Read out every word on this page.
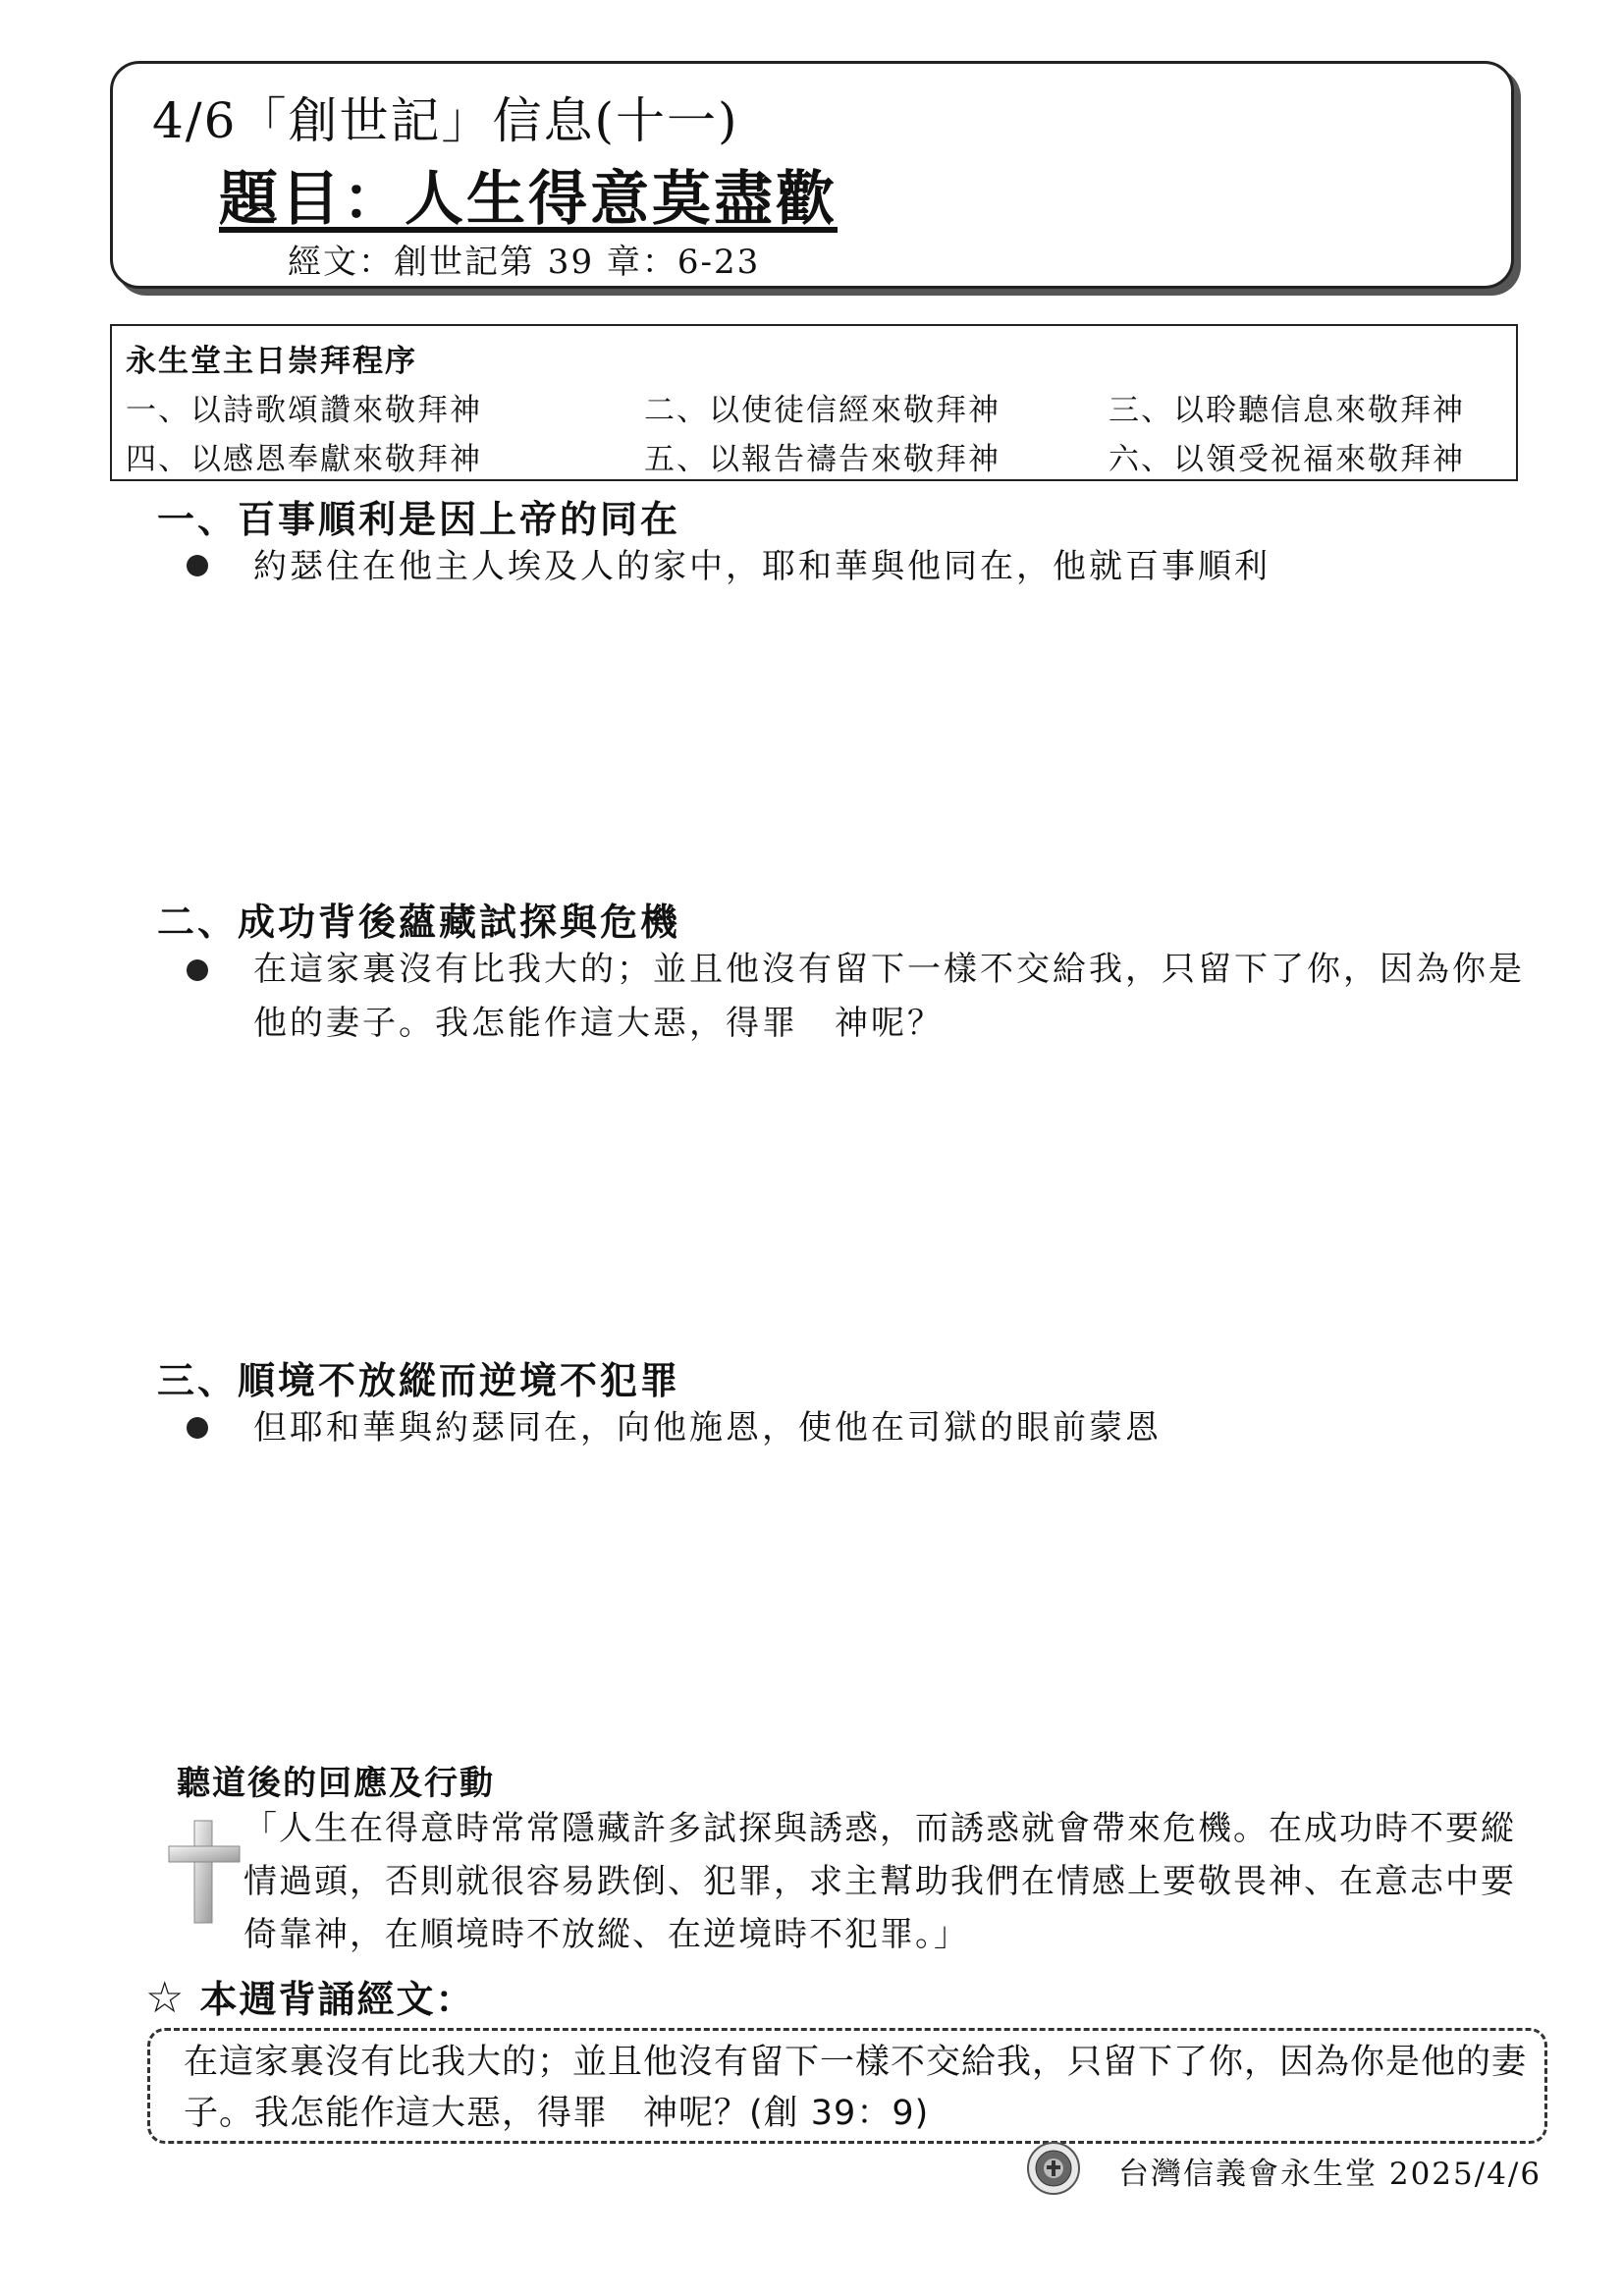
4/6「創世記」信息(十一)
題目：人生得意莫盡歡
經文：創世記第 39 章：6-23
永生堂主日崇拜程序
一、以詩歌頌讚來敬拜神	二、以使徒信經來敬拜神	三、以聆聽信息來敬拜神
四、以感恩奉獻來敬拜神	五、以報告禱告來敬拜神	六、以領受祝福來敬拜神
一、百事順利是因上帝的同在
約瑟住在他主人埃及人的家中，耶和華與他同在，他就百事順利
二、成功背後蘊藏試探與危機
在這家裏沒有比我大的；並且他沒有留下一樣不交給我，只留下了你，因為你是他的妻子。我怎能作這大惡，得罪　神呢？
三、順境不放縱而逆境不犯罪
但耶和華與約瑟同在，向他施恩，使他在司獄的眼前蒙恩
聽道後的回應及行動
「人生在得意時常常隱藏許多試探與誘惑，而誘惑就會帶來危機。在成功時不要縱情過頭，否則就很容易跌倒、犯罪，求主幫助我們在情感上要敬畏神、在意志中要倚靠神，在順境時不放縱、在逆境時不犯罪。」
☆ 本週背誦經文：
在這家裏沒有比我大的；並且他沒有留下一樣不交給我，只留下了你，因為你是他的妻子。我怎能作這大惡，得罪　神呢？(創 39：9)
台灣信義會永生堂 2025/4/6
